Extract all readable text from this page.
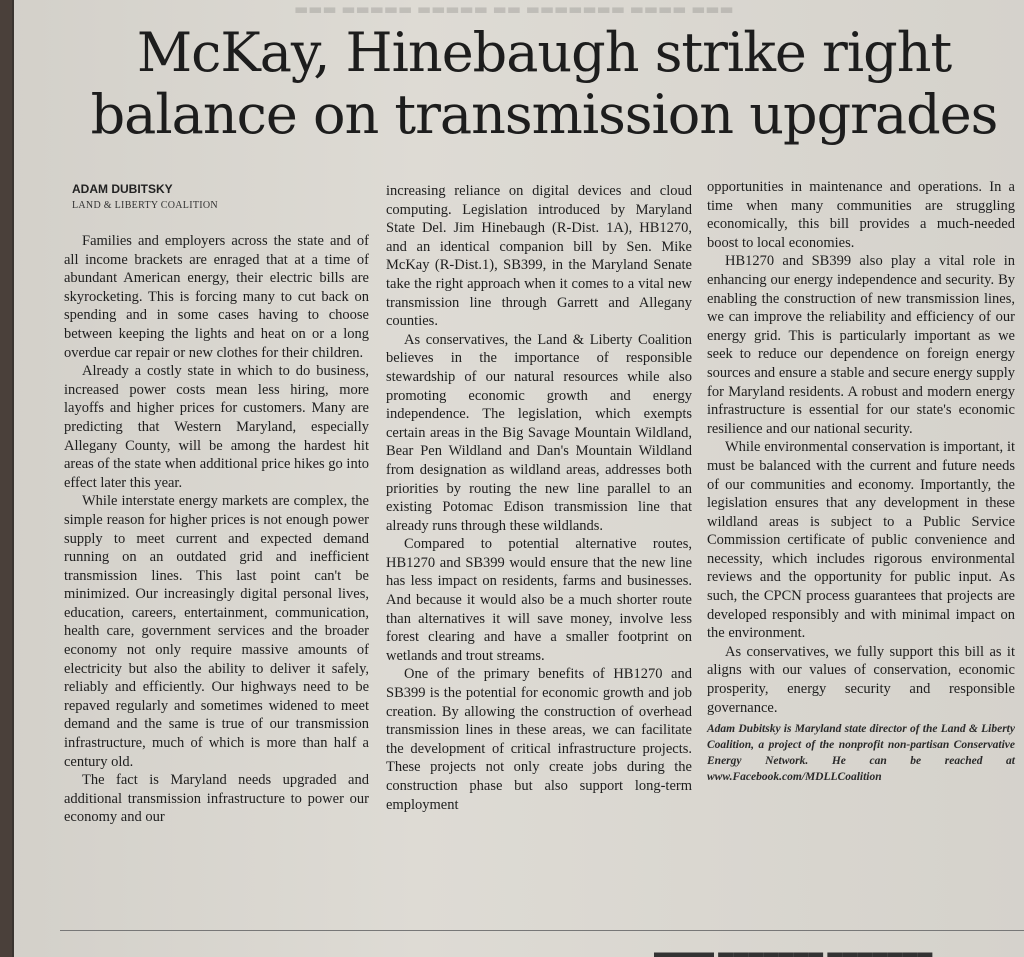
▬▬▬ ▬▬▬▬▬ ▬▬▬▬▬ ▬▬ ▬▬▬▬▬▬▬ ▬▬▬▬ ▬▬▬
McKay, Hinebaugh strike right
balance on transmission upgrades
ADAM DUBITSKY
LAND & LIBERTY COALITION

Families and employers across the state and of all income brackets are enraged that at a time of abundant American energy, their electric bills are skyrocketing. This is forcing many to cut back on spending and in some cases having to choose between keeping the lights and heat on or a long overdue car repair or new clothes for their children.

Already a costly state in which to do business, increased power costs mean less hiring, more layoffs and higher prices for customers. Many are predicting that Western Maryland, especially Allegany County, will be among the hardest hit areas of the state when additional price hikes go into effect later this year.

While interstate energy markets are complex, the simple reason for higher prices is not enough power supply to meet current and expected demand running on an outdated grid and inefficient transmission lines. This last point can't be minimized. Our increasingly digital personal lives, education, careers, entertainment, communication, health care, government services and the broader economy not only require massive amounts of electricity but also the ability to deliver it safely, reliably and efficiently. Our highways need to be repaved regularly and sometimes widened to meet demand and the same is true of our transmission infrastructure, much of which is more than half a century old.

The fact is Maryland needs upgraded and additional transmission infrastructure to power our economy and our

increasing reliance on digital devices and cloud computing. Legislation introduced by Maryland State Del. Jim Hinebaugh (R-Dist. 1A), HB1270, and an identical companion bill by Sen. Mike McKay (R-Dist.1), SB399, in the Maryland Senate take the right approach when it comes to a vital new transmission line through Garrett and Allegany counties.

As conservatives, the Land & Liberty Coalition believes in the importance of responsible stewardship of our natural resources while also promoting economic growth and energy independence. The legislation, which exempts certain areas in the Big Savage Mountain Wildland, Bear Pen Wildland and Dan's Mountain Wildland from designation as wildland areas, addresses both priorities by routing the new line parallel to an existing Potomac Edison transmission line that already runs through these wildlands.

Compared to potential alternative routes, HB1270 and SB399 would ensure that the new line has less impact on residents, farms and businesses. And because it would also be a much shorter route than alternatives it will save money, involve less forest clearing and have a smaller footprint on wetlands and trout streams.

One of the primary benefits of HB1270 and SB399 is the potential for economic growth and job creation. By allowing the construction of overhead transmission lines in these areas, we can facilitate the development of critical infrastructure projects. These projects not only create jobs during the construction phase but also support long-term employment

opportunities in maintenance and operations. In a time when many communities are struggling economically, this bill provides a much-needed boost to local economies.

HB1270 and SB399 also play a vital role in enhancing our energy independence and security. By enabling the construction of new transmission lines, we can improve the reliability and efficiency of our energy grid. This is particularly important as we seek to reduce our dependence on foreign energy sources and ensure a stable and secure energy supply for Maryland residents. A robust and modern energy infrastructure is essential for our state's economic resilience and our national security.

While environmental conservation is important, it must be balanced with the current and future needs of our communities and economy. Importantly, the legislation ensures that any development in these wildland areas is subject to a Public Service Commission certificate of public convenience and necessity, which includes rigorous environmental reviews and the opportunity for public input. As such, the CPCN process guarantees that projects are developed responsibly and with minimal impact on the environment.

As conservatives, we fully support this bill as it aligns with our values of conservation, economic prosperity, energy security and responsible governance.

Adam Dubitsky is Maryland state director of the Land & Liberty Coalition, a project of the nonprofit non-partisan Conservative Energy Network. He can be reached at www.Facebook.com/MDLLCoalition
▬▬▬▬ ▬▬▬▬▬▬▬ ▬▬▬▬▬▬▬
